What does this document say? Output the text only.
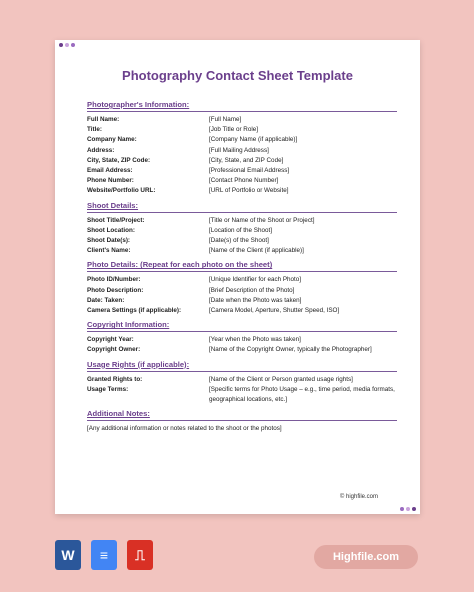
Photography Contact Sheet Template
Photographer's Information:
Full Name:	[Full Name]
Title:	[Job Title or Role]
Company Name:	[Company Name (if applicable)]
Address:	[Full Mailing Address]
City, State, ZIP Code:	[City, State, and ZIP Code]
Email Address:	[Professional Email Address]
Phone Number:	[Contact Phone Number]
Website/Portfolio URL:	[URL of Portfolio or Website]
Shoot Details:
Shoot Title/Project:	[Title or Name of the Shoot or Project]
Shoot Location:	[Location of the Shoot]
Shoot Date(s):	[Date(s) of the Shoot]
Client's Name:	[Name of the Client (if applicable)]
Photo Details: (Repeat for each photo on the sheet)
Photo ID/Number:	[Unique Identifier for each Photo]
Photo Description:	[Brief Description of the Photo]
Date: Taken:	[Date when the Photo was taken]
Camera Settings (if applicable):	[Camera Model, Aperture, Shutter Speed, ISO]
Copyright Information:
Copyright Year:	[Year when the Photo was taken]
Copyright Owner:	[Name of the Copyright Owner, typically the Photographer]
Usage Rights (if applicable):
Granted Rights to:	[Name of the Client or Person granted usage rights]
Usage Terms:	[Specific terms for Photo Usage – e.g., time period, media formats, geographical locations, etc.]
Additional Notes:
[Any additional information or notes related to the shoot or the photos]
© highfile.com
W	≡	⎍	Highfile.com
